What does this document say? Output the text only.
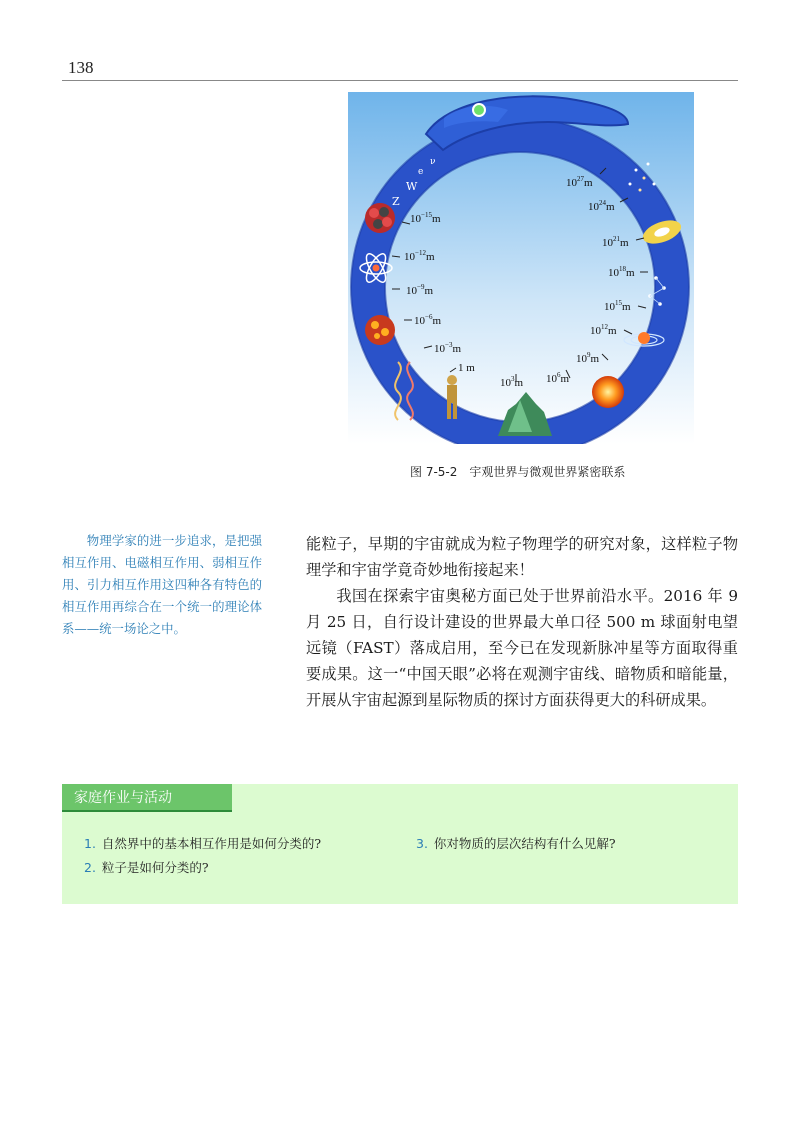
138
W
e
ν
Z
$10^{-15}m$
$10^{-12}m$
$10^{-9}m$
$10^{-6}m$
$10^{-3}m$
1 m
$10^{27}m$
$10^{24}m$
$10^{21}m$
$10^{18}m$
$10^{15}m$
$10^{12}m$
$10^9m$
$10^6m$
$10^3m$
图 7-5-2 宇观世界与微观世界紧密联系
物理学家的进一步追求，是把强相互作用、电磁相互作用、弱相互作用、引力相互作用这四种各有特色的相互作用再综合在一个统一的理论体系——统一场论之中。

能粒子，早期的宇宙就成为粒子物理学的研究对象，这样粒子物理学和宇宙学竟奇妙地衔接起来！

我国在探索宇宙奥秘方面已处于世界前沿水平。2016 年 9 月 25 日，自行设计建设的世界最大单口径 500 m 球面射电望远镜（FAST）落成启用，至今已在发现新脉冲星等方面取得重要成果。这一“中国天眼”必将在观测宇宙线、暗物质和暗能量，开展从宇宙起源到星际物质的探讨方面获得更大的科研成果。

家庭作业与活动
1. 自然界中的基本相互作用是如何分类的?
2. 粒子是如何分类的?
3. 你对物质的层次结构有什么见解?
